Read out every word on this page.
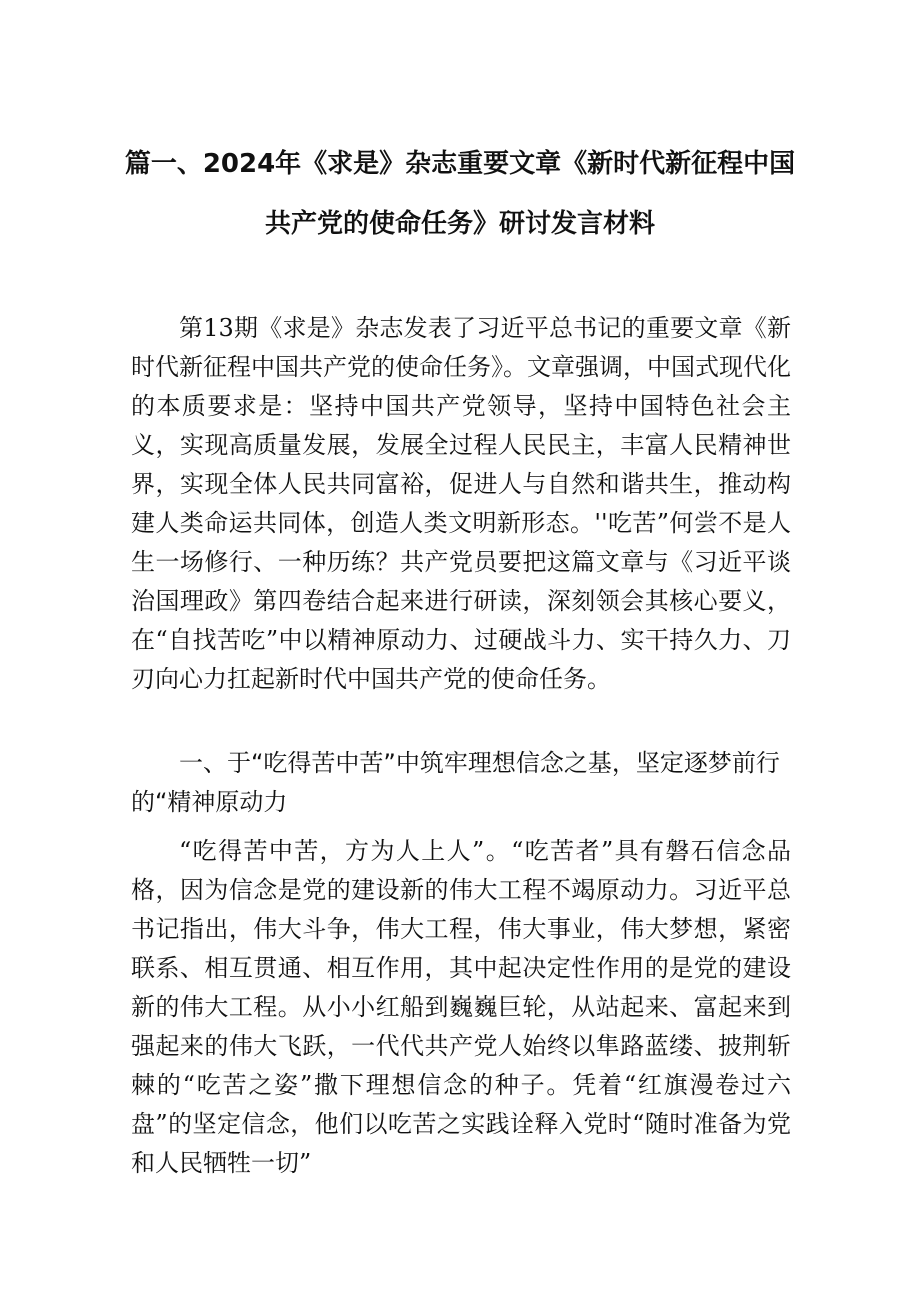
篇一、2024年《求是》杂志重要文章《新时代新征程中国
共产党的使命任务》研讨发言材料

第13期《求是》杂志发表了习近平总书记的重要文章《新时代新征程中国共产党的使命任务》。文章强调，中国式现代化的本质要求是：坚持中国共产党领导，坚持中国特色社会主义，实现高质量发展，发展全过程人民民主，丰富人民精神世界，实现全体人民共同富裕，促进人与自然和谐共生，推动构建人类命运共同体，创造人类文明新形态。''吃苦”何尝不是人生一场修行、一种历练？共产党员要把这篇文章与《习近平谈治国理政》第四卷结合起来进行研读，深刻领会其核心要义，在“自找苦吃”中以精神原动力、过硬战斗力、实干持久力、刀刃向心力扛起新时代中国共产党的使命任务。

一、于“吃得苦中苦”中筑牢理想信念之基，坚定逐梦前行的“精神原动力

“吃得苦中苦，方为人上人”。“吃苦者”具有磐石信念品格，因为信念是党的建设新的伟大工程不竭原动力。习近平总书记指出，伟大斗争，伟大工程，伟大事业，伟大梦想，紧密联系、相互贯通、相互作用，其中起决定性作用的是党的建设新的伟大工程。从小小红船到巍巍巨轮，从站起来、富起来到强起来的伟大飞跃，一代代共产党人始终以隼路蓝缕、披荆斩棘的“吃苦之姿”撒下理想信念的种子。凭着“红旗漫卷过六盘”的坚定信念，他们以吃苦之实践诠释入党时“随时准备为党和人民牺牲一切”
